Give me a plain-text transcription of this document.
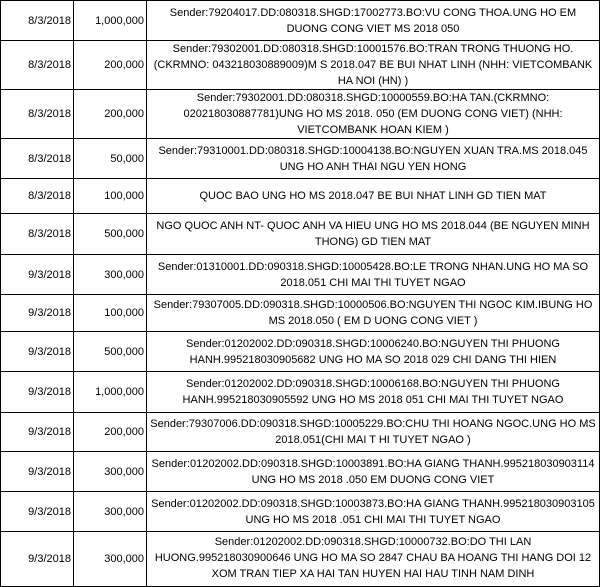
8/3/2018	1,000,000	Sender:79204017.DD:080318.SHGD:17002773.BO:VU CONG THOA.UNG HO EM DUONG CONG VIET MS 2018 050
8/3/2018	200,000	Sender:79302001.DD:080318.SHGD:10001576.BO:TRAN TRONG THUONG HO.(CKRMNO: 043218030889009)M S 2018.047 BE BUI NHAT LINH (NHH: VIETCOMBANK HA NOI (HN) )
8/3/2018	200,000	Sender:79302001.DD:080318.SHGD:10000559.BO:HA TAN.(CKRMNO: 020218030887781)UNG HO MS 2018. 050 (EM DUONG CONG VIET) (NHH: VIETCOMBANK HOAN KIEM )
8/3/2018	50,000	Sender:79310001.DD:080318.SHGD:10004138.BO:NGUYEN XUAN TRA.MS 2018.045 UNG HO ANH THAI NGU YEN HONG
8/3/2018	100,000	QUOC BAO UNG HO MS 2018.047 BE BUI NHAT LINH GD TIEN MAT
8/3/2018	500,000	NGO QUOC ANH NT- QUOC ANH VA HIEU UNG HO MS 2018.044 (BE NGUYEN MINH THONG) GD TIEN MAT
9/3/2018	300,000	Sender:01310001.DD:090318.SHGD:10005428.BO:LE TRONG NHAN.UNG HO MA SO 2018.051 CHI MAI THI TUYET NGAO
9/3/2018	100,000	Sender:79307005.DD:090318.SHGD:10000506.BO:NGUYEN THI NGOC KIM.IBUNG HO MS 2018.050 ( EM D UONG CONG VIET )
9/3/2018	500,000	Sender:01202002.DD:090318.SHGD:10006240.BO:NGUYEN THI PHUONG HANH.995218030905682 UNG HO MA SO 2018 029 CHI DANG THI HIEN
9/3/2018	1,000,000	Sender:01202002.DD:090318.SHGD:10006168.BO:NGUYEN THI PHUONG HANH.995218030905592 UNG HO MS 2018 051 CHI MAI THI TUYET NGAO
9/3/2018	200,000	Sender:79307006.DD:090318.SHGD:10005229.BO:CHU THI HOANG NGOC.UNG HO MS 2018.051(CHI MAI T HI TUYET NGAO )
9/3/2018	300,000	Sender:01202002.DD:090318.SHGD:10003891.BO:HA GIANG THANH.995218030903114 UNG HO MS 2018 .050 EM DUONG CONG VIET
9/3/2018	300,000	Sender:01202002.DD:090318.SHGD:10003873.BO:HA GIANG THANH.995218030903105 UNG HO MS 2018 .051 CHI MAI THI TUYET NGAO
9/3/2018	300,000	Sender:01202002.DD:090318.SHGD:10000732.BO:DO THI LAN HUONG.995218030900646 UNG HO MA SO 2847 CHAU BA HOANG THI HANG DOI 12 XOM TRAN TIEP XA HAI TAN HUYEN HAI HAU TINH NAM DINH
